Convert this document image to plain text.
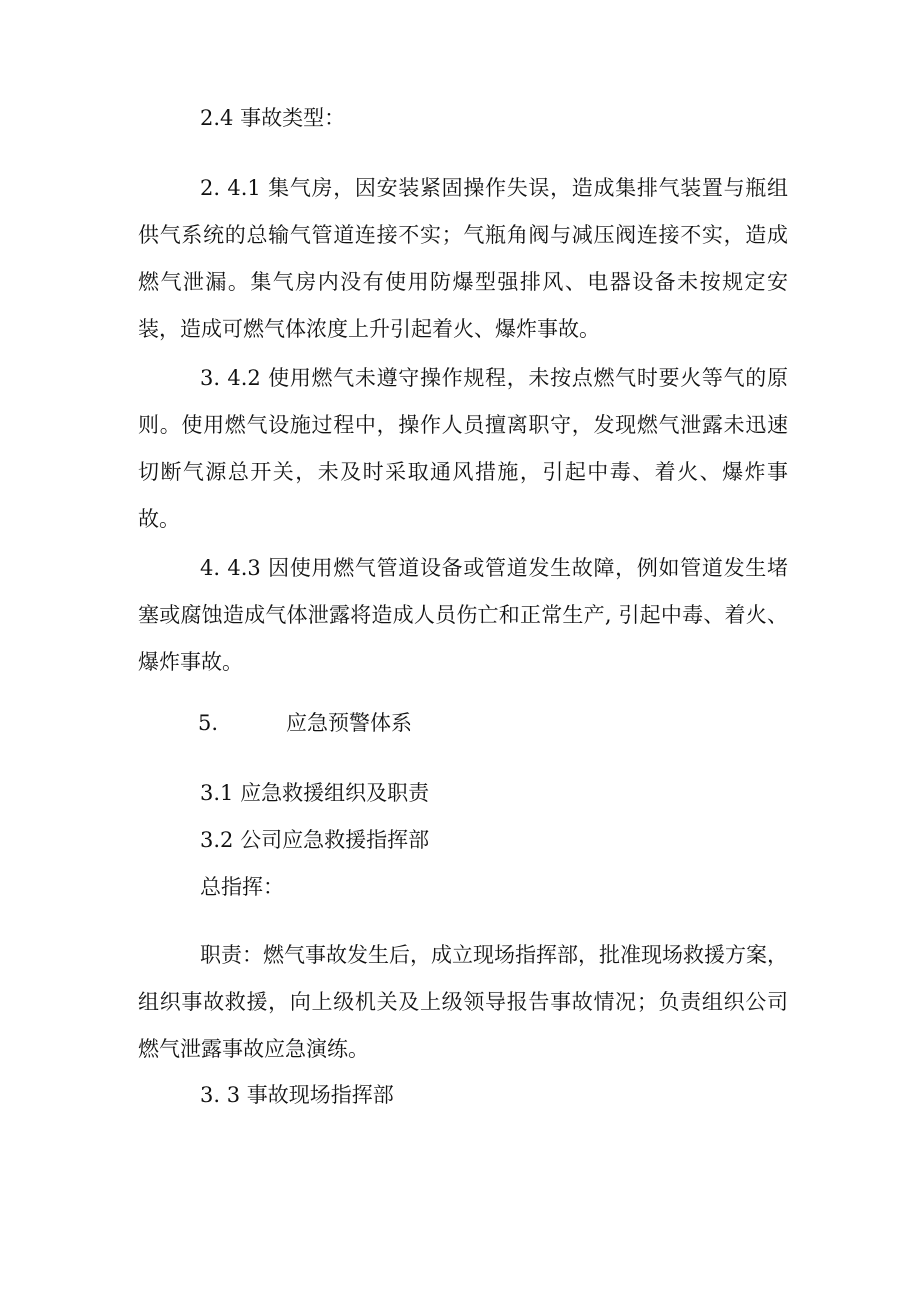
2.4 事故类型：

2. 4.1 集气房，因安装紧固操作失误，造成集排气装置与瓶组供气系统的总输气管道连接不实；气瓶角阀与减压阀连接不实，造成燃气泄漏。集气房内没有使用防爆型强排风、电器设备未按规定安装，造成可燃气体浓度上升引起着火、爆炸事故。

3. 4.2 使用燃气未遵守操作规程，未按点燃气时要火等气的原则。使用燃气设施过程中，操作人员擅离职守，发现燃气泄露未迅速切断气源总开关，未及时采取通风措施，引起中毒、着火、爆炸事故。

4. 4.3 因使用燃气管道设备或管道发生故障，例如管道发生堵塞或腐蚀造成气体泄露将造成人员伤亡和正常生产, 引起中毒、着火、爆炸事故。

5.	应急预警体系

3.1 应急救援组织及职责

3.2 公司应急救援指挥部

总指挥：

职责：燃气事故发生后，成立现场指挥部，批准现场救援方案，组织事故救援，向上级机关及上级领导报告事故情况；负责组织公司燃气泄露事故应急演练。

3. 3 事故现场指挥部
